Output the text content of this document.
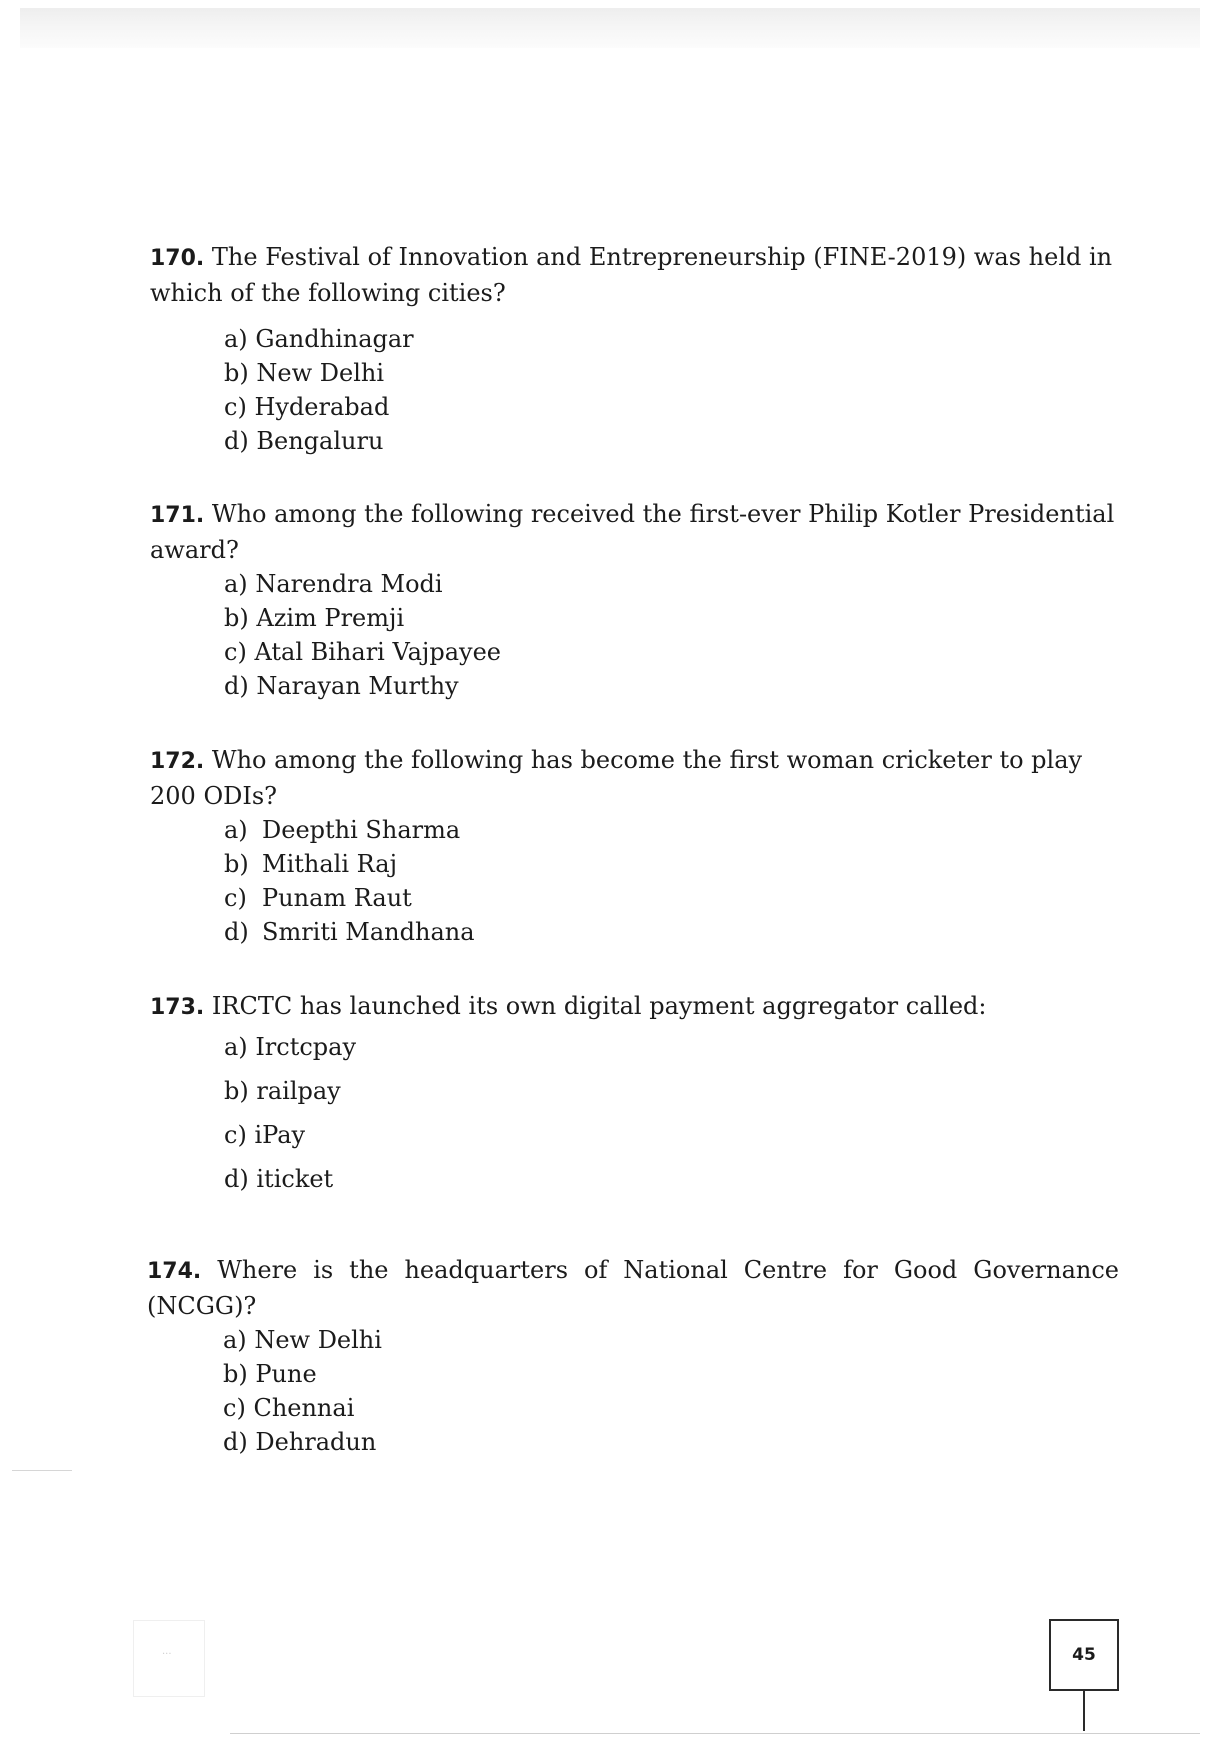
···

170. The Festival of Innovation and Entrepreneurship (FINE-2019) was held in which of the following cities?

a) Gandhinagar
b) New Delhi
c) Hyderabad
d) Bengaluru

171. Who among the following received the first-ever Philip Kotler Presidential award?

a) Narendra Modi
b) Azim Premji
c) Atal Bihari Vajpayee
d) Narayan Murthy

172. Who among the following has become the first woman cricketer to play 200 ODIs?

a) Deepthi Sharma
b) Mithali Raj
c) Punam Raut
d) Smriti Mandhana

173. IRCTC has launched its own digital payment aggregator called:

a) Irctcpay
b) railpay
c) iPay
d) iticket

174. Where is the headquarters of National Centre for Good Governance (NCGG)?

a) New Delhi
b) Pune
c) Chennai
d) Dehradun
45
